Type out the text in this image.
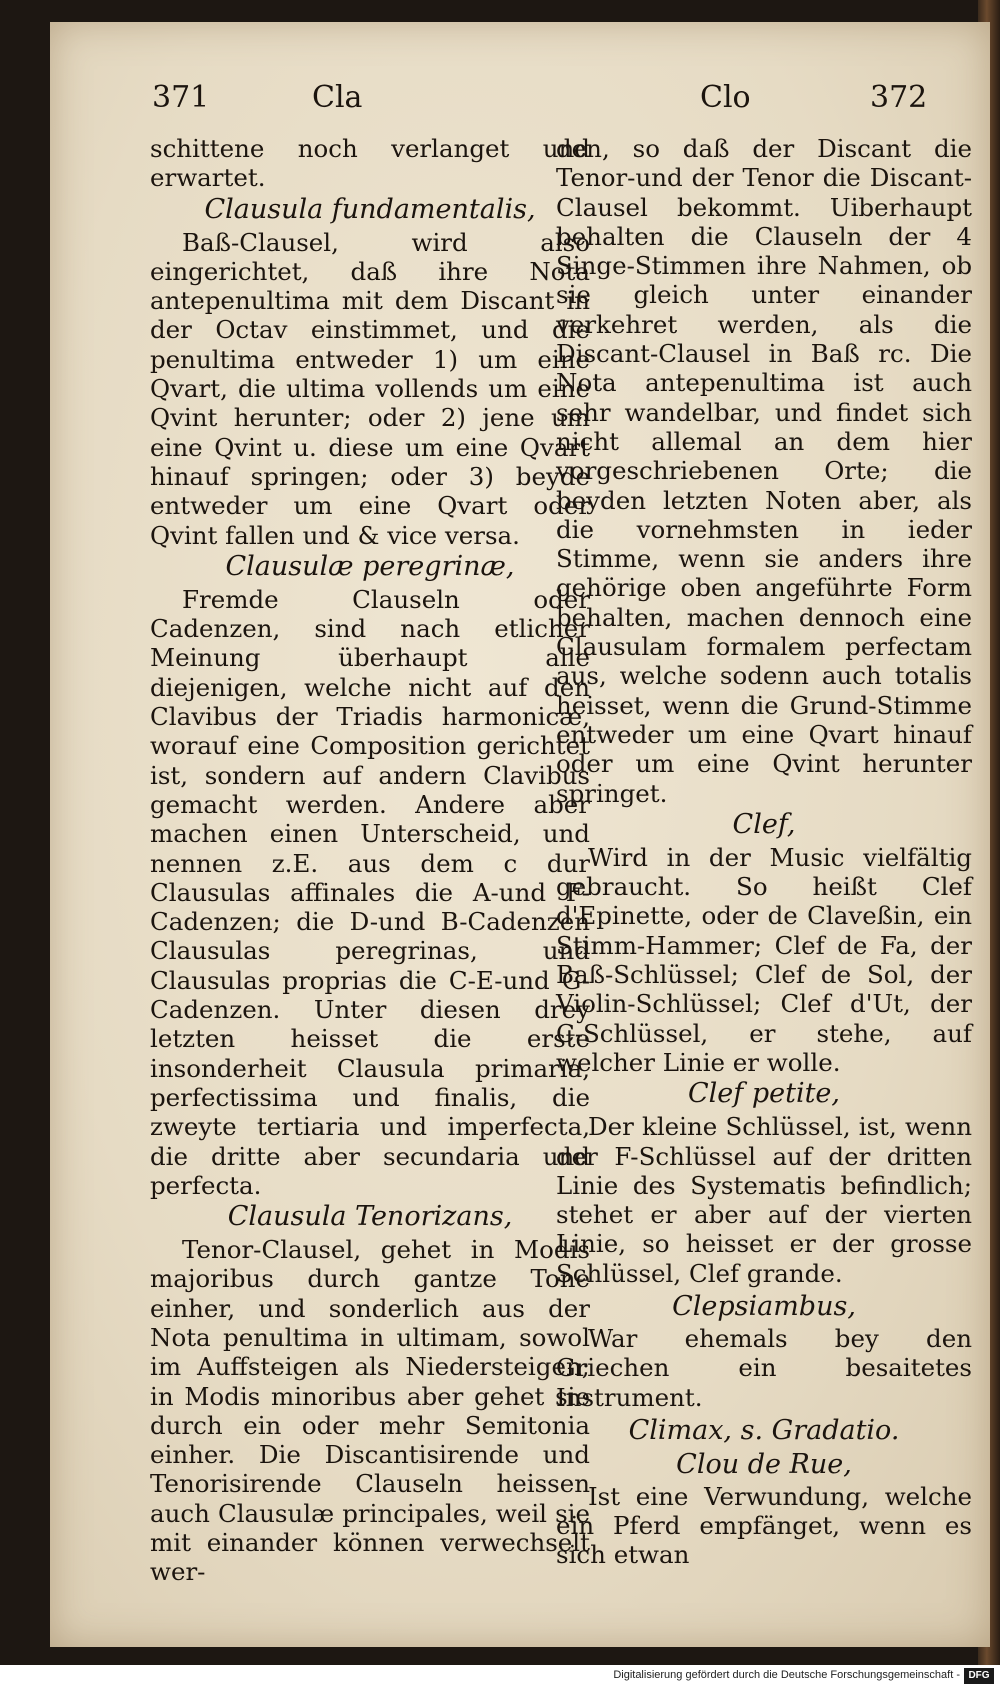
371	Cla	Clo	372

schittene noch verlanget und erwartet.

Clausula fundamentalis,

Baß-Clausel, wird also eingerichtet, daß ihre Nota antepenultima mit dem Discant in der Octav einstimmet, und die penultima entweder 1) um eine Qvart, die ultima vollends um eine Qvint herunter; oder 2) jene um eine Qvint u. diese um eine Qvart hinauf springen; oder 3) beyde entweder um eine Qvart oder Qvint fallen und & vice versa.

Clausulæ peregrinæ,

Fremde Clauseln oder Cadenzen, sind nach etlicher Meinung überhaupt alle diejenigen, welche nicht auf den Clavibus der Triadis harmonicæ, worauf eine Composition gerichtet ist, sondern auf andern Clavibus gemacht werden. Andere aber machen einen Unterscheid, und nennen z.E. aus dem c dur Clausulas affinales die A-und F-Cadenzen; die D-und B-Cadenzen Clausulas peregrinas, und Clausulas proprias die C-E-und G-Cadenzen. Unter diesen drey letzten heisset die erste insonderheit Clausula primaria, perfectissima und finalis, die zweyte tertiaria und imperfecta, die dritte aber secundaria und perfecta.

Clausula Tenorizans,

Tenor-Clausel, gehet in Modis majoribus durch gantze Tone einher, und sonderlich aus der Nota penultima in ultimam, sowol im Auffsteigen als Niedersteigen; in Modis minoribus aber gehet sie durch ein oder mehr Semitonia einher. Die Discantisirende und Tenorisirende Clauseln heissen auch Clausulæ principales, weil sie mit einander können verwechselt wer-

den, so daß der Discant die Tenor-und der Tenor die Discant-Clausel bekommt. Uiberhaupt behalten die Clauseln der 4 Singe-Stimmen ihre Nahmen, ob sie gleich unter einander verkehret werden, als die Discant-Clausel in Baß rc. Die Nota antepenultima ist auch sehr wandelbar, und findet sich nicht allemal an dem hier vorgeschriebenen Orte; die beyden letzten Noten aber, als die vornehmsten in ieder Stimme, wenn sie anders ihre gehörige oben angeführte Form behalten, machen dennoch eine Clausulam formalem perfectam aus, welche sodenn auch totalis heisset, wenn die Grund-Stimme entweder um eine Qvart hinauf oder um eine Qvint herunter springet.

Clef,

Wird in der Music vielfältig gebraucht. So heißt Clef d'Epinette, oder de Claveßin, ein Stimm-Hammer; Clef de Fa, der Baß-Schlüssel; Clef de Sol, der Violin-Schlüssel; Clef d'Ut, der C-Schlüssel, er stehe, auf welcher Linie er wolle.

Clef petite,

Der kleine Schlüssel, ist, wenn der F-Schlüssel auf der dritten Linie des Systematis befindlich; stehet er aber auf der vierten Linie, so heisset er der grosse Schlüssel, Clef grande.

Clepsiambus,

War ehemals bey den Griechen ein besaitetes Instrument.

Climax, s. Gradatio.
Clou de Rue,

Ist eine Verwundung, welche ein Pferd empfänget, wenn es sich etwan

Digitalisierung gefördert durch die Deutsche Forschungsgemeinschaft - DFG
